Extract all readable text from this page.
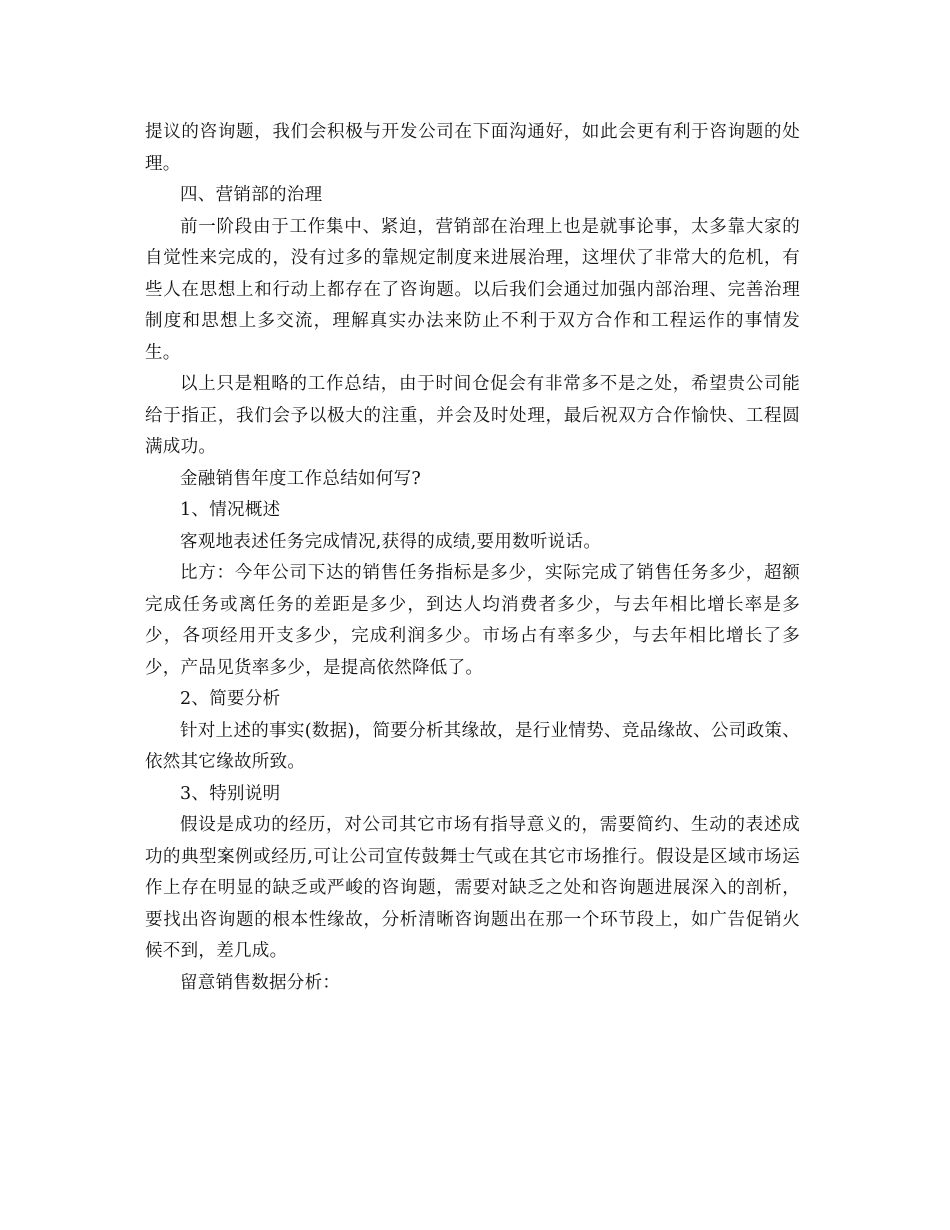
提议的咨询题，我们会积极与开发公司在下面沟通好，如此会更有利于咨询题的处理。

四、营销部的治理

前一阶段由于工作集中、紧迫，营销部在治理上也是就事论事，太多靠大家的自觉性来完成的，没有过多的靠规定制度来进展治理，这埋伏了非常大的危机，有些人在思想上和行动上都存在了咨询题。以后我们会通过加强内部治理、完善治理制度和思想上多交流，理解真实办法来防止不利于双方合作和工程运作的事情发生。

以上只是粗略的工作总结，由于时间仓促会有非常多不是之处，希望贵公司能给于指正，我们会予以极大的注重，并会及时处理，最后祝双方合作愉快、工程圆满成功。

金融销售年度工作总结如何写?

1、情况概述

客观地表述任务完成情况,获得的成绩,要用数听说话。

比方：今年公司下达的销售任务指标是多少，实际完成了销售任务多少，超额完成任务或离任务的差距是多少，到达人均消费者多少，与去年相比增长率是多少，各项经用开支多少，完成利润多少。市场占有率多少，与去年相比增长了多少，产品见货率多少，是提高依然降低了。

2、简要分析

针对上述的事实(数据)，简要分析其缘故，是行业情势、竞品缘故、公司政策、依然其它缘故所致。

3、特别说明

假设是成功的经历，对公司其它市场有指导意义的，需要简约、生动的表述成功的典型案例或经历,可让公司宣传鼓舞士气或在其它市场推行。假设是区域市场运作上存在明显的缺乏或严峻的咨询题，需要对缺乏之处和咨询题进展深入的剖析，要找出咨询题的根本性缘故，分析清晰咨询题出在那一个环节段上，如广告促销火候不到，差几成。

留意销售数据分析：
